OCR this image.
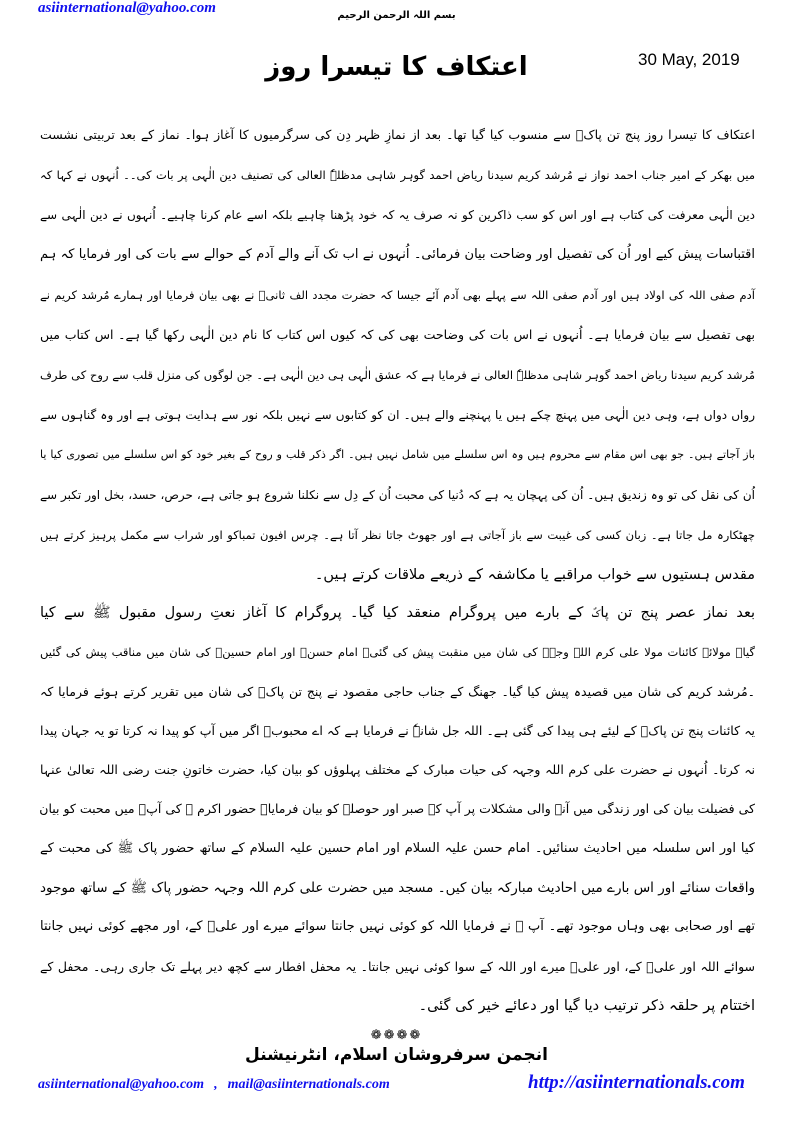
asiinternational@yahoo.com	بسم اللہ الرحمن الرحیم
30 May, 2019
اعتکاف کا تیسرا روز
اعتکاف کا تیسرا روز پنج تن پاکؑ سے منسوب کیا گیا تھا۔ بعد از نمازِ ظہر دِن کی سرگرمیوں کا آغاز ہوا۔ نماز کے بعد تربیتی نشست
میں بھکر کے امیر جناب احمد نواز نے مُرشد کریم سیدنا ریاض احمد گوہر شاہی مدظلہٗ العالی کی تصنیف دین الٰہی پر بات کی۔۔ اُنہوں نے کہا کہ
دین الٰہی معرفت کی کتاب ہے اور اس کو سب ذاکرین کو نہ صرف یہ کہ خود پڑھنا چاہیے بلکہ اسے عام کرنا چاہیے۔ اُنہوں نے دین الٰہی سے
اقتباسات پیش کیے اور اُن کی تفصیل اور وضاحت بیان فرمائی۔ اُنہوں نے اب تک آنے والے آدم کے حوالے سے بات کی اور فرمایا کہ ہم
آدم صفی اللہ کی اولاد ہیں اور آدم صفی اللہ سے پہلے بھی آدم آئے جیسا کہ حضرت مجدد الف ثانیؒ نے بھی بیان فرمایا اور ہمارے مُرشد کریم نے
بھی تفصیل سے بیان فرمایا ہے۔ اُنہوں نے اس بات کی وضاحت بھی کی کہ کیوں اس کتاب کا نام دین الٰہی رکھا گیا ہے۔ اس کتاب میں
مُرشد کریم سیدنا ریاض احمد گوہر شاہی مدظلہٗ العالی نے فرمایا ہے کہ عشق الٰہی ہی دین الٰہی ہے۔ جن لوگوں کی منزل قلب سے روح کی طرف
رواں دواں ہے، وہی دین الٰہی میں پہنچ چکے ہیں یا پہنچنے والے ہیں۔ ان کو کتابوں سے نہیں بلکہ نور سے ہدایت ہوتی ہے اور وہ گناہوں سے
باز آجاتے ہیں۔ جو بھی اس مقام سے محروم ہیں وہ اس سلسلے میں شامل نہیں ہیں۔ اگر ذکر قلب و روح کے بغیر خود کو اس سلسلے میں تصوری کیا یا
اُن کی نقل کی تو وہ زندیق ہیں۔ اُن کی پہچان یہ ہے کہ دُنیا کی محبت اُن کے دِل سے نکلنا شروع ہو جاتی ہے، حرص، حسد، بخل اور تکبر سے
چھٹکارہ مل جاتا ہے۔ زبان کسی کی غیبت سے باز آجاتی ہے اور جھوٹ جاتا نظر آتا ہے۔ چرس افیون تمباکو اور شراب سے مکمل پرہیز کرتے ہیں
مقدس ہستیوں سے خواب مراقبے یا مکاشفہ کے ذریعے ملاقات کرتے ہیں۔
بعد نماز عصر پنج تن پاکؑ کے بارے میں پروگرام منعقد کیا گیا۔ پروگرام کا آغاز نعتِ رسول مقبول ﷺ سے کیا
گیا۔ مولائے کائنات مولا علی کرم اللہ وجہہ کی شان میں منقبت پیش کی گئی۔ امام حسنؑ اور امام حسینؑ کی شان میں مناقب پیش کی گئیں
۔مُرشد کریم کی شان میں قصیدہ پیش کیا گیا۔ جھنگ کے جناب حاجی مقصود نے پنج تن پاکؑ کی شان میں تقریر کرتے ہوئے فرمایا کہ
یہ کائنات پنج تن پاکؑ کے لیئے ہی پیدا کی گئی ہے۔ اللہ جل شانہٗ نے فرمایا ہے کہ اے محبوبؐ اگر میں آپ کو پیدا نہ کرتا تو یہ جہان پیدا
نہ کرتا۔ اُنہوں نے حضرت علی کرم اللہ وجہہ کی حیات مبارک کے مختلف پہلوؤں کو بیان کیا، حضرت خاتونِ جنت رضی اللہ تعالیٰ عنہا
کی فضیلت بیان کی اور زندگی میں آنے والی مشکلات پر آپ کے صبر اور حوصلہ کو بیان فرمایا۔ حضور اکرم ﷺ کی آپؑ میں محبت کو بیان
کیا اور اس سلسلہ میں احادیث سنائیں۔ امام حسن علیہ السلام اور امام حسین علیہ السلام کے ساتھ حضور پاک ﷺ کی محبت کے
واقعات سنائے اور اس بارے میں احادیث مبارکہ بیان کیں۔ مسجد میں حضرت علی کرم اللہ وجہہ حضور پاک ﷺ کے ساتھ موجود
تھے اور صحابی بھی وہاں موجود تھے۔ آپ ﷺ نے فرمایا اللہ کو کوئی نہیں جانتا سوائے میرے اور علیؑ کے، اور مجھے کوئی نہیں جانتا
سوائے اللہ اور علیؑ کے، اور علیؑ میرے اور اللہ کے سوا کوئی نہیں جانتا۔ یہ محفل افطار سے کچھ دیر پہلے تک جاری رہی۔ محفل کے
اختتام پر حلقہ ذکر ترتیب دیا گیا اور دعائے خیر کی گئی۔
❁❁❁❁
انجمن سرفروشان اسلام، انٹرنیشنل
asiinternational@yahoo.com , mail@asiinternationals.com	http://asiinternationals.com
